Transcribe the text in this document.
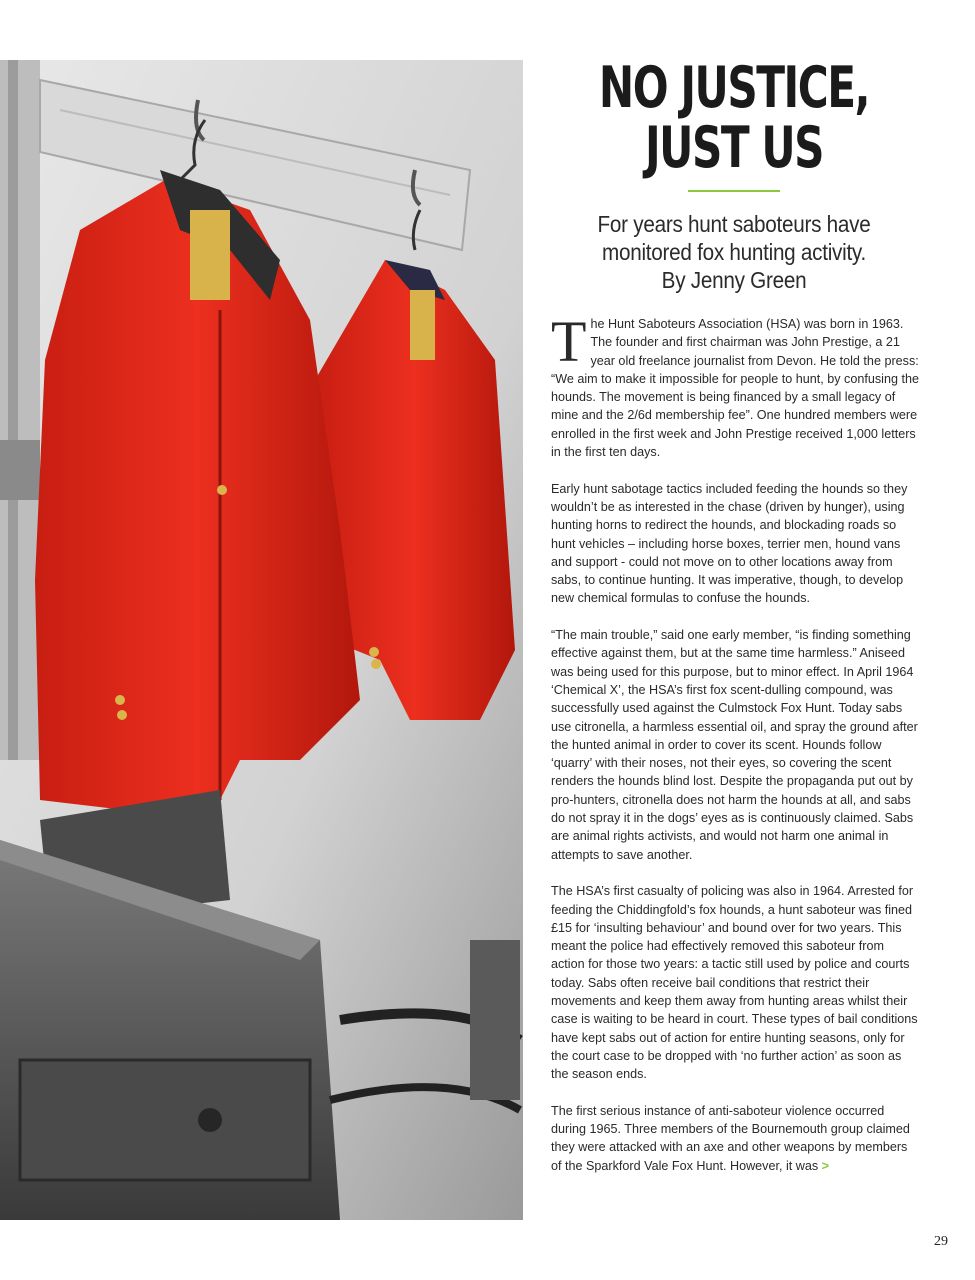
NO JUSTICE,
JUST US

For years hunt saboteurs have
monitored fox hunting activity.
By Jenny Green

The Hunt Saboteurs Association (HSA) was born in 1963. The founder and first chairman was John Prestige, a 21 year old freelance journalist from Devon. He told the press: “We aim to make it impossible for people to hunt, by confusing the hounds. The movement is being financed by a small legacy of mine and the 2/6d membership fee”. One hundred members were enrolled in the first week and John Prestige received 1,000 letters in the first ten days.

Early hunt sabotage tactics included feeding the hounds so they wouldn’t be as interested in the chase (driven by hunger), using hunting horns to redirect the hounds, and blockading roads so hunt vehicles – including horse boxes, terrier men, hound vans and support - could not move on to other locations away from sabs, to continue hunting. It was imperative, though, to develop new chemical formulas to confuse the hounds.

“The main trouble,” said one early member, “is finding something effective against them, but at the same time harmless.” Aniseed was being used for this purpose, but to minor effect. In April 1964 ‘Chemical X’, the HSA’s first fox scent-dulling compound, was successfully used against the Culmstock Fox Hunt. Today sabs use citronella, a harmless essential oil, and spray the ground after the hunted animal in order to cover its scent. Hounds follow ‘quarry’ with their noses, not their eyes, so covering the scent renders the hounds blind lost. Despite the propaganda put out by pro-hunters, citronella does not harm the hounds at all, and sabs do not spray it in the dogs’ eyes as is continuously claimed. Sabs are animal rights activists, and would not harm one animal in attempts to save another.

The HSA’s first casualty of policing was also in 1964. Arrested for feeding the Chiddingfold’s fox hounds, a hunt saboteur was fined £15 for ‘insulting behaviour’ and bound over for two years. This meant the police had effectively removed this saboteur from action for those two years: a tactic still used by police and courts today. Sabs often receive bail conditions that restrict their movements and keep them away from hunting areas whilst their case is waiting to be heard in court. These types of bail conditions have kept sabs out of action for entire hunting seasons, only for the court case to be dropped with ‘no further action’ as soon as the season ends.

The first serious instance of anti-saboteur violence occurred during 1965. Three members of the Bournemouth group claimed they were attacked with an axe and other weapons by members of the Sparkford Vale Fox Hunt. However, it was >

29
